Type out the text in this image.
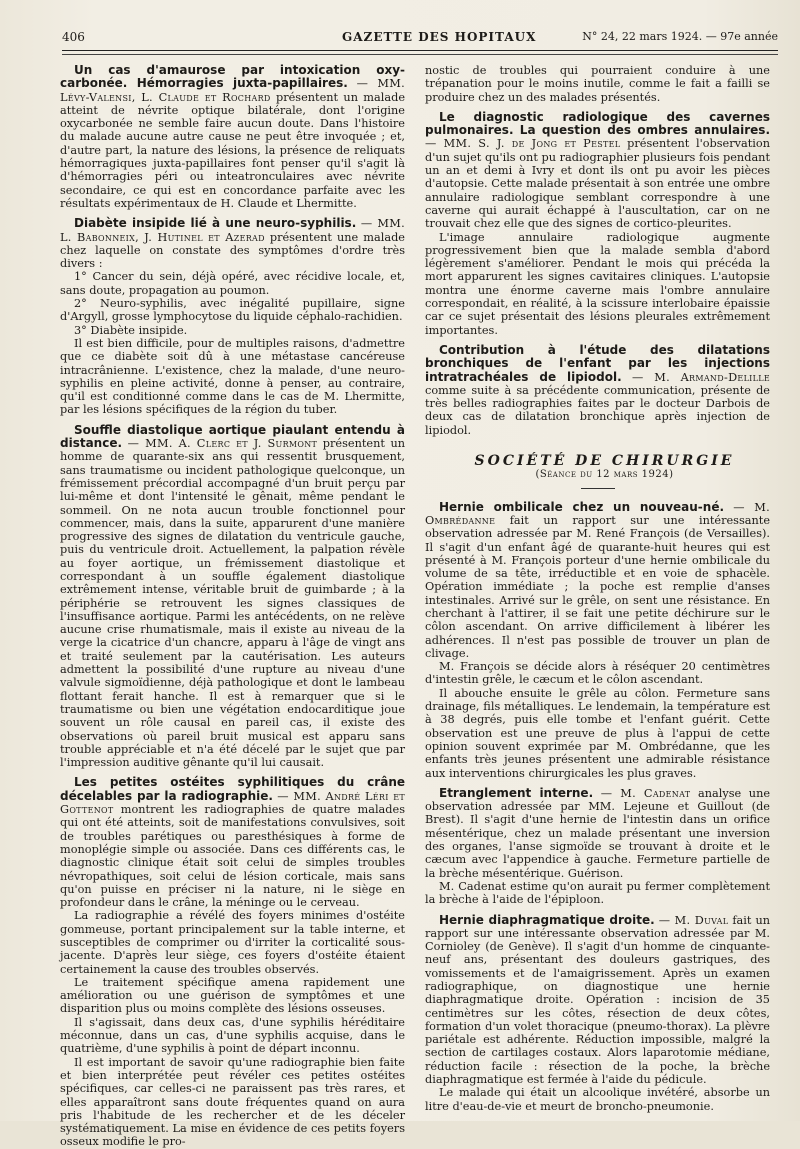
406	GAZETTE DES HOPITAUX	N° 24, 22 mars 1924. — 97e année

Un cas d'amaurose par intoxication oxy-carbonée. Hémorragies juxta-papillaires. — MM. Lévy-Valensi, L. Claude et Rochard présentent un malade atteint de névrite optique bilatérale, dont l'origine oxycarbonée ne semble faire aucun doute. Dans l'histoire du malade aucune autre cause ne peut être invoquée ; et, d'autre part, la nature des lésions, la présence de reliquats hémorragiques juxta-papillaires font penser qu'il s'agit là d'hémorragies péri ou inteatronculaires avec névrite secondaire, ce qui est en concordance parfaite avec les résultats expérimentaux de H. Claude et Lhermitte.

Diabète insipide lié à une neuro-syphilis. — MM. L. Babonneix, J. Hutinel et Azerad présentent une malade chez laquelle on constate des symptômes d'ordre très divers :

1° Cancer du sein, déjà opéré, avec récidive locale, et, sans doute, propagation au poumon.

2° Neuro-syphilis, avec inégalité pupillaire, signe d'Argyll, grosse lymphocytose du liquide céphalo-rachidien.

3° Diabète insipide.

Il est bien difficile, pour de multiples raisons, d'admettre que ce diabète soit dû à une métastase cancéreuse intracrânienne. L'existence, chez la malade, d'une neuro-syphilis en pleine activité, donne à penser, au contraire, qu'il est conditionné comme dans le cas de M. Lhermitte, par les lésions spécifiques de la région du tuber.

Souffle diastolique aortique piaulant entendu à distance. — MM. A. Clerc et J. Surmont présentent un homme de quarante-six ans qui ressentit brusquement, sans traumatisme ou incident pathologique quelconque, un frémissement précordial accompagné d'un bruit perçu par lui-même et dont l'intensité le gênait, même pendant le sommeil. On ne nota aucun trouble fonctionnel pour commencer, mais, dans la suite, apparurent d'une manière progressive des signes de dilatation du ventricule gauche, puis du ventricule droit. Actuellement, la palpation révèle au foyer aortique, un frémissement diastolique et correspondant à un souffle également diastolique extrêmement intense, véritable bruit de guimbarde ; à la périphérie se retrouvent les signes classiques de l'insuffisance aortique. Parmi les antécédents, on ne relève aucune crise rhumatismale, mais il existe au niveau de la verge la cicatrice d'un chancre, apparu à l'âge de vingt ans et traité seulement par la cautérisation. Les auteurs admettent la possibilité d'une rupture au niveau d'une valvule sigmoïdienne, déjà pathologique et dont le lambeau flottant ferait hanche. Il est à remarquer que si le traumatisme ou bien une végétation endocarditique joue souvent un rôle causal en pareil cas, il existe des observations où pareil bruit musical est apparu sans trouble appréciable et n'a été décelé par le sujet que par l'impression auditive gênante qu'il lui causait.

Les petites ostéites syphilitiques du crâne décelables par la radiographie. — MM. André Léri et Gottenot montrent les radiographies de quatre malades qui ont été atteints, soit de manifestations convulsives, soit de troubles parétiques ou paresthésiques à forme de monoplégie simple ou associée. Dans ces différents cas, le diagnostic clinique était soit celui de simples troubles névropathiques, soit celui de lésion corticale, mais sans qu'on puisse en préciser ni la nature, ni le siège en profondeur dans le crâne, la méninge ou le cerveau.

La radiographie a révélé des foyers minimes d'ostéite gommeuse, portant principalement sur la table interne, et susceptibles de comprimer ou d'irriter la corticalité sous-jacente. D'après leur siège, ces foyers d'ostéite étaient certainement la cause des troubles observés.

Le traitement spécifique amena rapidement une amélioration ou une guérison de symptômes et une disparition plus ou moins complète des lésions osseuses.

Il s'agissait, dans deux cas, d'une syphilis héréditaire méconnue, dans un cas, d'une syphilis acquise, dans le quatrième, d'une syphilis à point de départ inconnu.

Il est important de savoir qu'une radiographie bien faite et bien interprétée peut révéler ces petites ostéites spécifiques, car celles-ci ne paraissent pas très rares, et elles apparaîtront sans doute fréquentes quand on aura pris l'habitude de les rechercher et de les déceler systématiquement. La mise en évidence de ces petits foyers osseux modifie le pro-

nostic de troubles qui pourraient conduire à une trépanation pour le moins inutile, comme le fait a failli se produire chez un des malades présentés.

Le diagnostic radiologique des cavernes pulmonaires. La question des ombres annulaires. — MM. S. J. de Jong et Pestel présentent l'observation d'un sujet qu'ils ont pu radiographier plusieurs fois pendant un an et demi à Ivry et dont ils ont pu avoir les pièces d'autopsie. Cette malade présentait à son entrée une ombre annulaire radiologique semblant correspondre à une caverne qui aurait échappé à l'auscultation, car on ne trouvait chez elle que des signes de cortico-pleurites.

L'image annulaire radiologique augmente progressivement bien que la malade sembla d'abord légèrement s'améliorer. Pendant le mois qui précéda la mort apparurent les signes cavitaires cliniques. L'autopsie montra une énorme caverne mais l'ombre annulaire correspondait, en réalité, à la scissure interlobaire épaissie car ce sujet présentait des lésions pleurales extrêmement importantes.

Contribution à l'étude des dilatations bronchiques de l'enfant par les injections intratrachéales de lipiodol. — M. Armand-Delille comme suite à sa précédente communication, présente de très belles radiographies faites par le docteur Darbois de deux cas de dilatation bronchique après injection de lipiodol.

SOCIÉTÉ DE CHIRURGIE

(Séance du 12 mars 1924)

Hernie ombilicale chez un nouveau-né. — M. Ombrédanne fait un rapport sur une intéressante observation adressée par M. René François (de Versailles). Il s'agit d'un enfant âgé de quarante-huit heures qui est présenté à M. François porteur d'une hernie ombilicale du volume de sa tête, irréductible et en voie de sphacèle. Opération immédiate ; la poche est remplie d'anses intestinales. Arrivé sur le grêle, on sent une résistance. En cherchant à l'attirer, il se fait une petite déchirure sur le côlon ascendant. On arrive difficilement à libérer les adhérences. Il n'est pas possible de trouver un plan de clivage.

M. François se décide alors à réséquer 20 centimètres d'intestin grêle, le cæcum et le côlon ascendant.

Il abouche ensuite le grêle au côlon. Fermeture sans drainage, fils métalliques. Le lendemain, la température est à 38 degrés, puis elle tombe et l'enfant guérit. Cette observation est une preuve de plus à l'appui de cette opinion souvent exprimée par M. Ombrédanne, que les enfants très jeunes présentent une admirable résistance aux interventions chirurgicales les plus graves.

Etranglement interne. — M. Cadenat analyse une observation adressée par MM. Lejeune et Guillout (de Brest). Il s'agit d'une hernie de l'intestin dans un orifice mésentérique, chez un malade présentant une inversion des organes, l'anse sigmoïde se trouvant à droite et le cæcum avec l'appendice à gauche. Fermeture partielle de la brèche mésentérique. Guérison.

M. Cadenat estime qu'on aurait pu fermer complètement la brèche à l'aide de l'épiploon.

Hernie diaphragmatique droite. — M. Duval fait un rapport sur une intéressante observation adressée par M. Cornioley (de Genève). Il s'agit d'un homme de cinquante-neuf ans, présentant des douleurs gastriques, des vomissements et de l'amaigrissement. Après un examen radiographique, on diagnostique une hernie diaphragmatique droite. Opération : incision de 35 centimètres sur les côtes, résection de deux côtes, formation d'un volet thoracique (pneumo-thorax). La plèvre pariétale est adhérente. Réduction impossible, malgré la section de cartilages costaux. Alors laparotomie médiane, réduction facile : résection de la poche, la brèche diaphragmatique est fermée à l'aide du pédicule.

Le malade qui était un alcoolique invétéré, absorbe un litre d'eau-de-vie et meurt de broncho-pneumonie.
